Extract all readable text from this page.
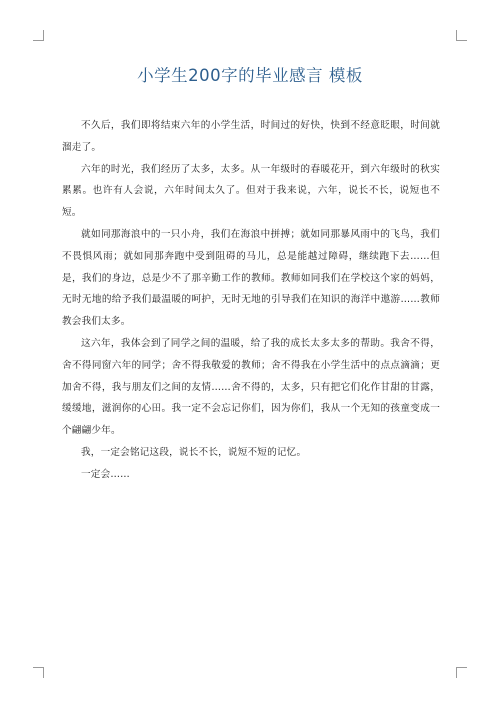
小学生200字的毕业感言 模板

不久后，我们即将结束六年的小学生活，时间过的好快，快到不经意眨眼，时间就溜走了。

六年的时光，我们经历了太多，太多。从一年级时的春暖花开，到六年级时的秋实累累。也许有人会说，六年时间太久了。但对于我来说，六年，说长不长，说短也不短。

就如同那海浪中的一只小舟，我们在海浪中拼搏；就如同那暴风雨中的飞鸟，我们不畏惧风雨；就如同那奔跑中受到阻碍的马儿，总是能越过障碍，继续跑下去……但是，我们的身边，总是少不了那辛勤工作的教师。教师如同我们在学校这个家的妈妈，无时无地的给予我们最温暖的呵护，无时无地的引导我们在知识的海洋中遨游……教师教会我们太多。

这六年，我体会到了同学之间的温暖，给了我的成长太多太多的帮助。我舍不得，舍不得同窗六年的同学；舍不得我敬爱的教师；舍不得我在小学生活中的点点滴滴；更加舍不得，我与朋友们之间的友情……舍不得的，太多，只有把它们化作甘甜的甘露，缓缓地，滋润你的心田。我一定不会忘记你们，因为你们，我从一个无知的孩童变成一个翩翩少年。

我，一定会铭记这段，说长不长，说短不短的记忆。

一定会……
